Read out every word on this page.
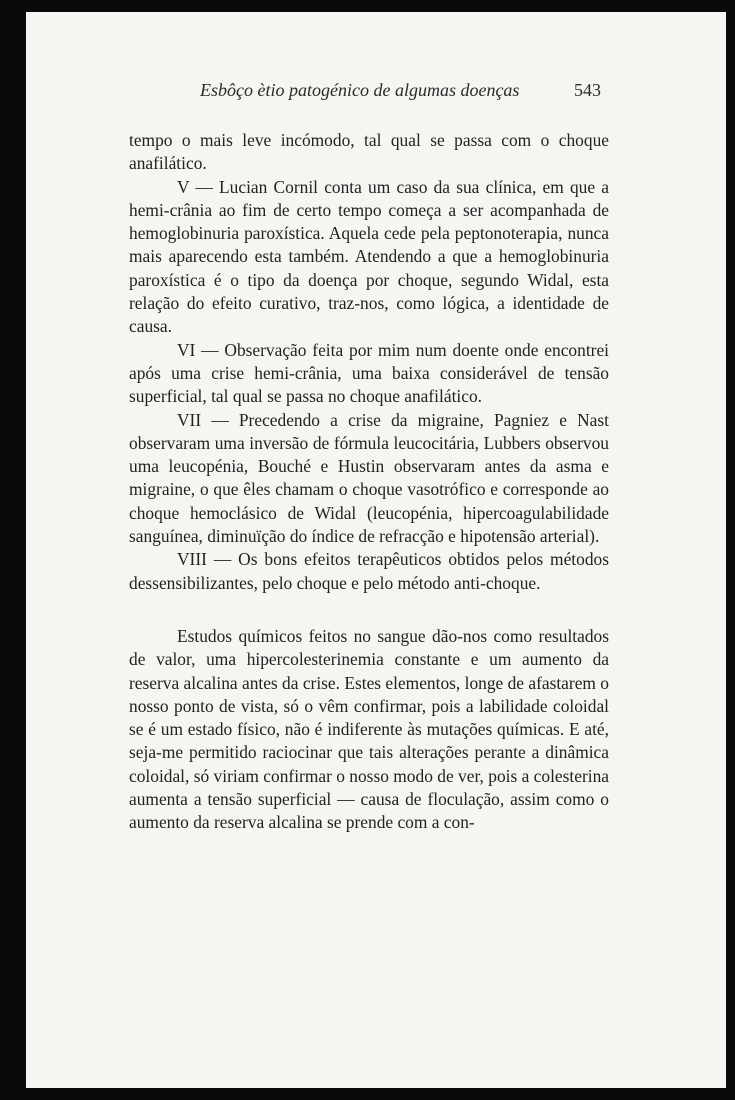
Esbôço ètio patogénico de algumas doenças	543

tempo o mais leve incómodo, tal qual se passa com o choque anafilático.

V — Lucian Cornil conta um caso da sua clínica, em que a hemi-crânia ao fim de certo tempo começa a ser acompanhada de hemoglobinuria paroxística. Aquela cede pela peptonoterapia, nunca mais aparecendo esta também. Atendendo a que a hemoglobinuria paroxística é o tipo da doença por choque, segundo Widal, esta relação do efeito curativo, traz-nos, como lógica, a identidade de causa.

VI — Observação feita por mim num doente onde encontrei após uma crise hemi-crânia, uma baixa considerável de tensão superficial, tal qual se passa no choque anafilático.

VII — Precedendo a crise da migraine, Pagniez e Nast observaram uma inversão de fórmula leucocitária, Lubbers observou uma leucopénia, Bouché e Hustin observaram antes da asma e migraine, o que êles chamam o choque vasotrófico e corresponde ao choque hemoclásico de Widal (leucopénia, hipercoagulabilidade sanguínea, diminuïção do índice de refracção e hipotensão arterial).

VIII — Os bons efeitos terapêuticos obtidos pelos métodos dessensibilizantes, pelo choque e pelo método anti-choque.

Estudos químicos feitos no sangue dão-nos como resultados de valor, uma hipercolesterinemia constante e um aumento da reserva alcalina antes da crise. Estes elementos, longe de afastarem o nosso ponto de vista, só o vêm confirmar, pois a labilidade coloidal se é um estado físico, não é indiferente às mutações químicas. E até, seja-me permitido raciocinar que tais alterações perante a dinâmica coloidal, só viriam confirmar o nosso modo de ver, pois a colesterina aumenta a tensão superficial — causa de floculação, assim como o aumento da reserva alcalina se prende com a con-
